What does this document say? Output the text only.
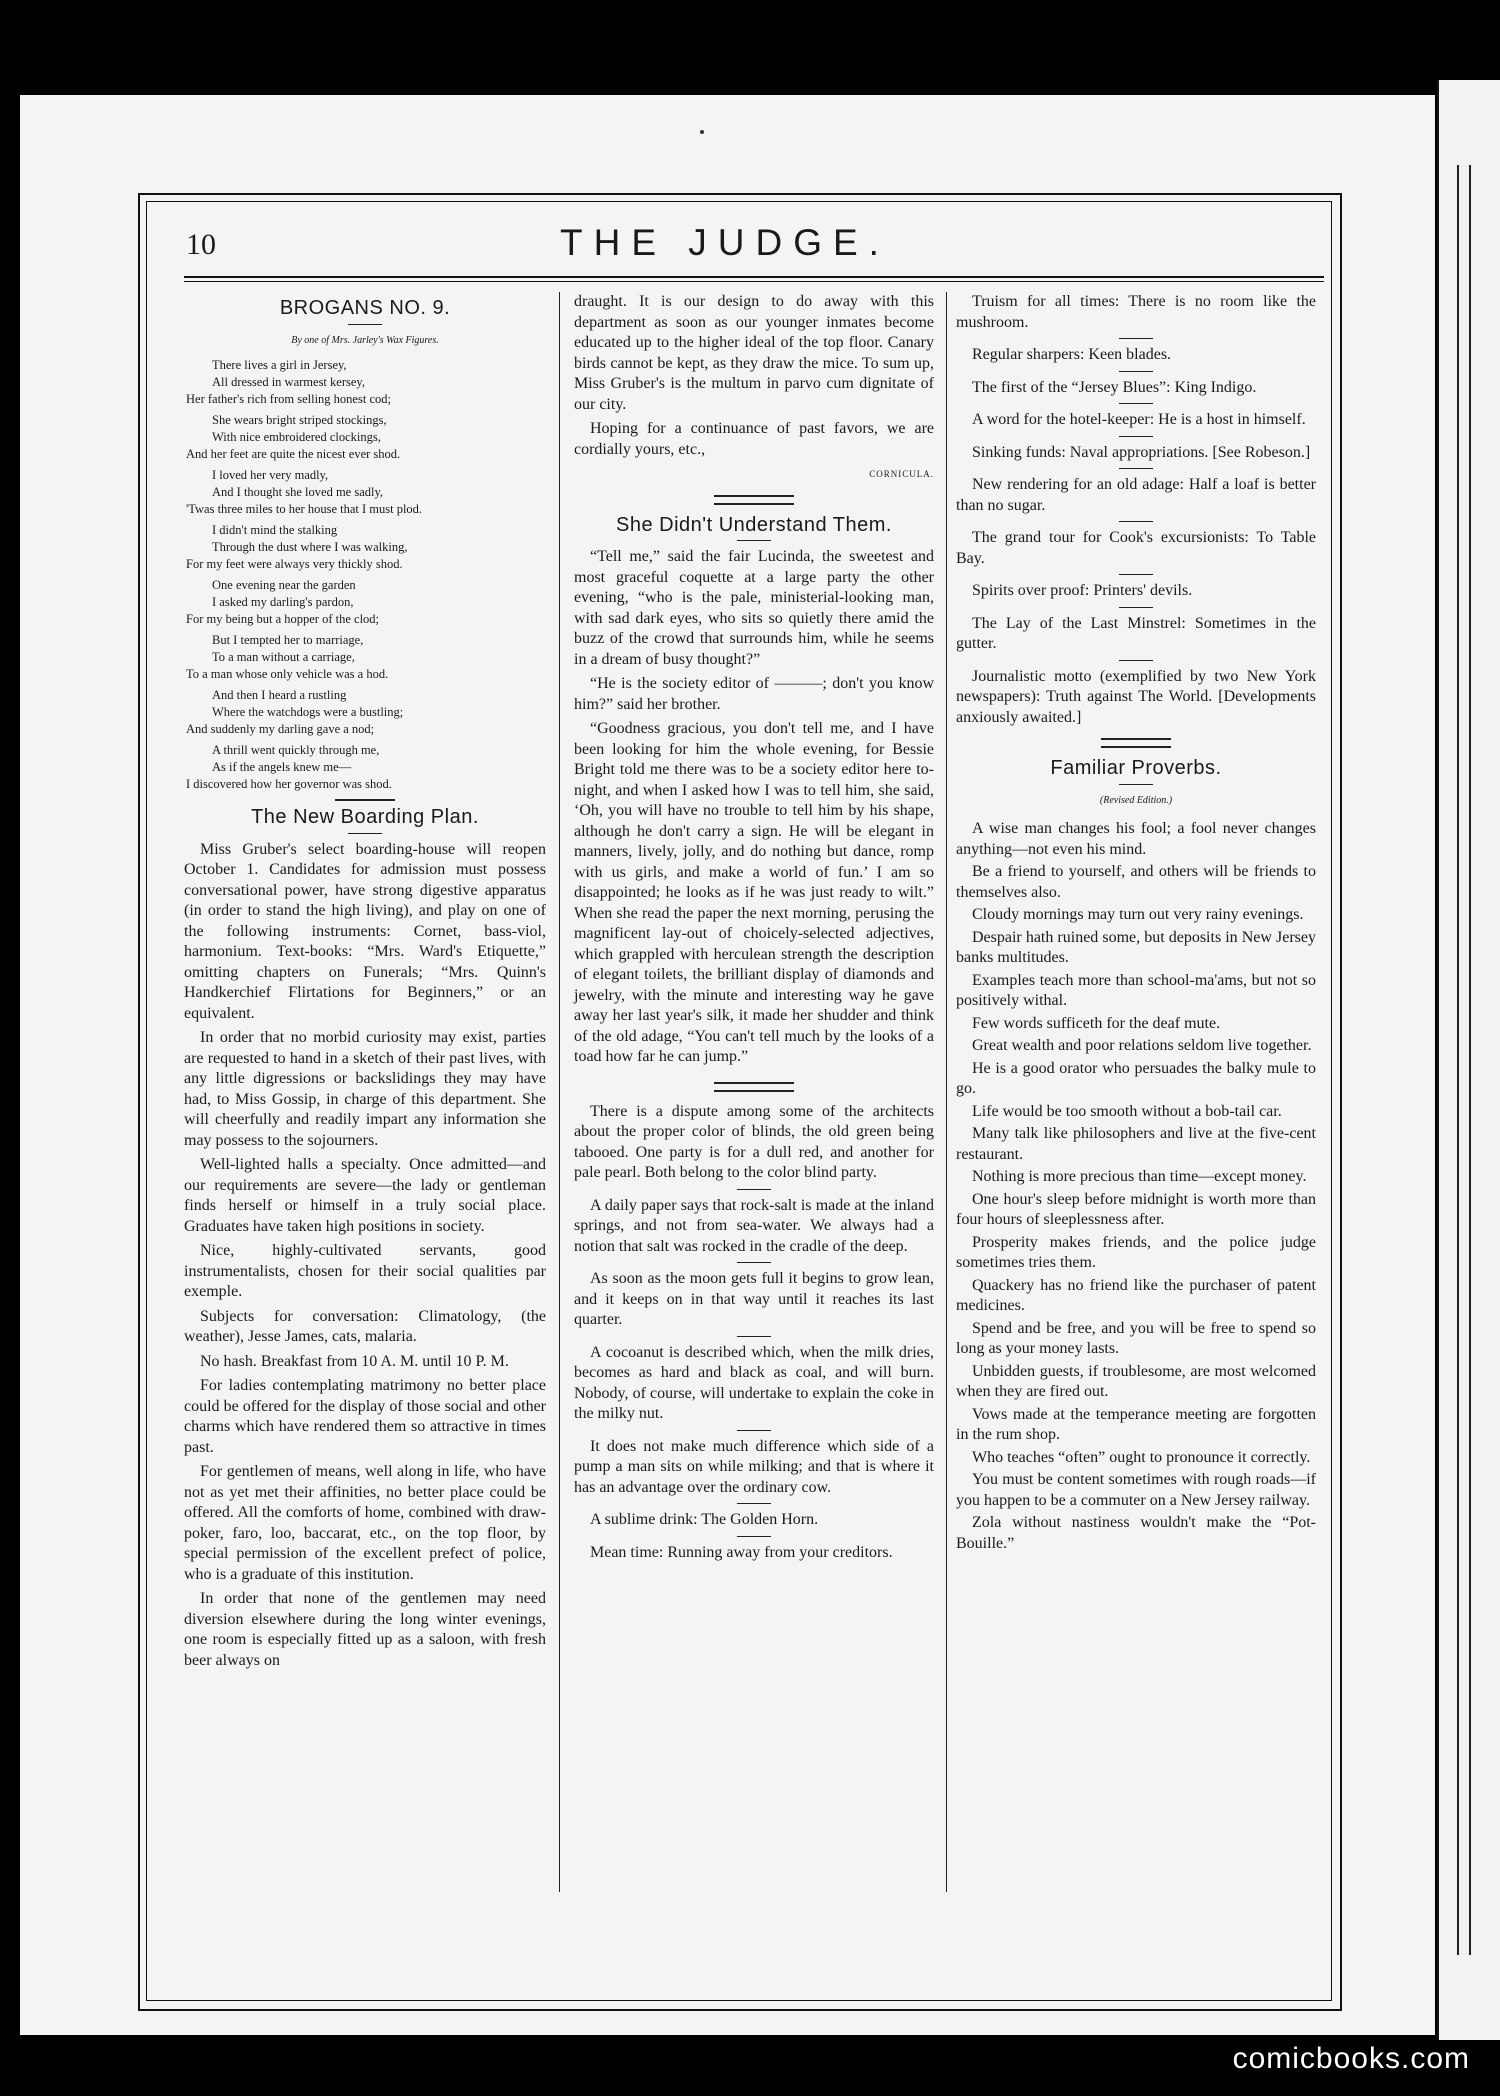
10	THE JUDGE.
BROGANS NO. 9.
By one of Mrs. Jarley's Wax Figures.
There lives a girl in Jersey,
All dressed in warmest kersey,
Her father's rich from selling honest cod;
She wears bright striped stockings,
With nice embroidered clockings,
And her feet are quite the nicest ever shod.
I loved her very madly,
And I thought she loved me sadly,
'Twas three miles to her house that I must plod.
I didn't mind the stalking
Through the dust where I was walking,
For my feet were always very thickly shod.
One evening near the garden
I asked my darling's pardon,
For my being but a hopper of the clod;
But I tempted her to marriage,
To a man without a carriage,
To a man whose only vehicle was a hod.
And then I heard a rustling
Where the watchdogs were a bustling;
And suddenly my darling gave a nod;
A thrill went quickly through me,
As if the angels knew me—
I discovered how her governor was shod.
The New Boarding Plan.

Miss Gruber's select boarding-house will reopen October 1. Candidates for admission must possess conversational power, have strong digestive apparatus (in order to stand the high living), and play on one of the following instruments: Cornet, bass-viol, harmonium. Text-books: “Mrs. Ward's Etiquette,” omitting chapters on Funerals; “Mrs. Quinn's Handkerchief Flirtations for Beginners,” or an equivalent.

In order that no morbid curiosity may exist, parties are requested to hand in a sketch of their past lives, with any little digressions or backslidings they may have had, to Miss Gossip, in charge of this department. She will cheerfully and readily impart any information she may possess to the sojourners.

Well-lighted halls a specialty. Once admitted—and our requirements are severe—the lady or gentleman finds herself or himself in a truly social place. Graduates have taken high positions in society.

Nice, highly-cultivated servants, good instrumentalists, chosen for their social qualities par exemple.

Subjects for conversation: Climatology, (the weather), Jesse James, cats, malaria.

No hash. Breakfast from 10 A. M. until 10 P. M.

For ladies contemplating matrimony no better place could be offered for the display of those social and other charms which have rendered them so attractive in times past.

For gentlemen of means, well along in life, who have not as yet met their affinities, no better place could be offered. All the comforts of home, combined with draw-poker, faro, loo, baccarat, etc., on the top floor, by special permission of the excellent prefect of police, who is a graduate of this institution.

In order that none of the gentlemen may need diversion elsewhere during the long winter evenings, one room is especially fitted up as a saloon, with fresh beer always on

draught. It is our design to do away with this department as soon as our younger inmates become educated up to the higher ideal of the top floor. Canary birds cannot be kept, as they draw the mice. To sum up, Miss Gruber's is the multum in parvo cum dignitate of our city.

Hoping for a continuance of past favors, we are cordially yours, etc.,

CORNICULA.
She Didn't Understand Them.

“Tell me,” said the fair Lucinda, the sweetest and most graceful coquette at a large party the other evening, “who is the pale, ministerial-looking man, with sad dark eyes, who sits so quietly there amid the buzz of the crowd that surrounds him, while he seems in a dream of busy thought?”

“He is the society editor of ———; don't you know him?” said her brother.

“Goodness gracious, you don't tell me, and I have been looking for him the whole evening, for Bessie Bright told me there was to be a society editor here to-night, and when I asked how I was to tell him, she said, ‘Oh, you will have no trouble to tell him by his shape, although he don't carry a sign. He will be elegant in manners, lively, jolly, and do nothing but dance, romp with us girls, and make a world of fun.’ I am so disappointed; he looks as if he was just ready to wilt.” When she read the paper the next morning, perusing the magnificent lay-out of choicely-selected adjectives, which grappled with herculean strength the description of elegant toilets, the brilliant display of diamonds and jewelry, with the minute and interesting way he gave away her last year's silk, it made her shudder and think of the old adage, “You can't tell much by the looks of a toad how far he can jump.”

There is a dispute among some of the architects about the proper color of blinds, the old green being tabooed. One party is for a dull red, and another for pale pearl. Both belong to the color blind party.

A daily paper says that rock-salt is made at the inland springs, and not from sea-water. We always had a notion that salt was rocked in the cradle of the deep.

As soon as the moon gets full it begins to grow lean, and it keeps on in that way until it reaches its last quarter.

A cocoanut is described which, when the milk dries, becomes as hard and black as coal, and will burn. Nobody, of course, will undertake to explain the coke in the milky nut.

It does not make much difference which side of a pump a man sits on while milking; and that is where it has an advantage over the ordinary cow.

A sublime drink: The Golden Horn.

Mean time: Running away from your creditors.

Truism for all times: There is no room like the mushroom.

Regular sharpers: Keen blades.

The first of the “Jersey Blues”: King Indigo.

A word for the hotel-keeper: He is a host in himself.

Sinking funds: Naval appropriations. [See Robeson.]

New rendering for an old adage: Half a loaf is better than no sugar.

The grand tour for Cook's excursionists: To Table Bay.

Spirits over proof: Printers' devils.

The Lay of the Last Minstrel: Sometimes in the gutter.

Journalistic motto (exemplified by two New York newspapers): Truth against The World. [Developments anxiously awaited.]

Familiar Proverbs.
(Revised Edition.)

A wise man changes his fool; a fool never changes anything—not even his mind.

Be a friend to yourself, and others will be friends to themselves also.

Cloudy mornings may turn out very rainy evenings.

Despair hath ruined some, but deposits in New Jersey banks multitudes.

Examples teach more than school-ma'ams, but not so positively withal.

Few words sufficeth for the deaf mute.

Great wealth and poor relations seldom live together.

He is a good orator who persuades the balky mule to go.

Life would be too smooth without a bob-tail car.

Many talk like philosophers and live at the five-cent restaurant.

Nothing is more precious than time—except money.

One hour's sleep before midnight is worth more than four hours of sleeplessness after.

Prosperity makes friends, and the police judge sometimes tries them.

Quackery has no friend like the purchaser of patent medicines.

Spend and be free, and you will be free to spend so long as your money lasts.

Unbidden guests, if troublesome, are most welcomed when they are fired out.

Vows made at the temperance meeting are forgotten in the rum shop.

Who teaches “often” ought to pronounce it correctly.

You must be content sometimes with rough roads—if you happen to be a commuter on a New Jersey railway.

Zola without nastiness wouldn't make the “Pot-Bouille.”

comicbooks.com
